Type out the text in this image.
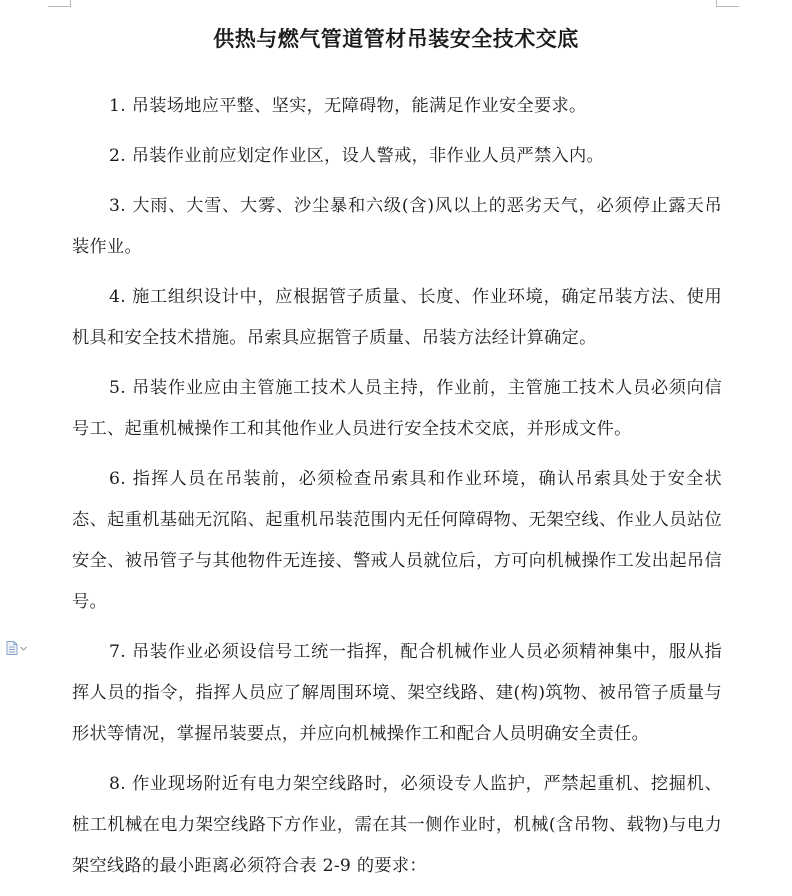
供热与燃气管道管材吊装安全技术交底

1. 吊装场地应平整、坚实，无障碍物，能满足作业安全要求。

2. 吊装作业前应划定作业区，设人警戒，非作业人员严禁入内。

3. 大雨、大雪、大雾、沙尘暴和六级(含)风以上的恶劣天气，必须停止露天吊装作业。

4. 施工组织设计中，应根据管子质量、长度、作业环境，确定吊装方法、使用机具和安全技术措施。吊索具应据管子质量、吊装方法经计算确定。

5. 吊装作业应由主管施工技术人员主持，作业前，主管施工技术人员必须向信号工、起重机械操作工和其他作业人员进行安全技术交底，并形成文件。

6. 指挥人员在吊装前，必须检查吊索具和作业环境，确认吊索具处于安全状态、起重机基础无沉陷、起重机吊装范围内无任何障碍物、无架空线、作业人员站位安全、被吊管子与其他物件无连接、警戒人员就位后，方可向机械操作工发出起吊信号。

7. 吊装作业必须设信号工统一指挥，配合机械作业人员必须精神集中，服从指挥人员的指令，指挥人员应了解周围环境、架空线路、建(构)筑物、被吊管子质量与形状等情况，掌握吊装要点，并应向机械操作工和配合人员明确安全责任。

8. 作业现场附近有电力架空线路时，必须设专人监护，严禁起重机、挖掘机、桩工机械在电力架空线路下方作业，需在其一侧作业时，机械(含吊物、载物)与电力架空线路的最小距离必须符合表 2-9 的要求：
